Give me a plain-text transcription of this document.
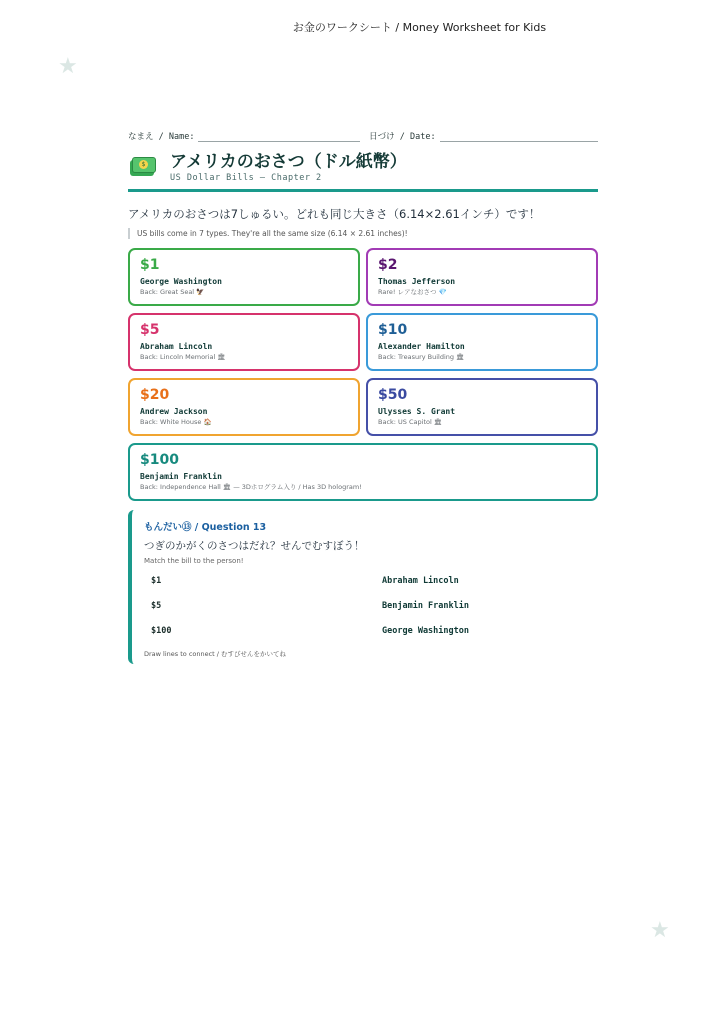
お金のワークシート / Money Worksheet for Kids
★
★
なまえ / Name:	日づけ / Date:
$ アメリカのおさつ（ドル紙幣）
US Dollar Bills — Chapter 2
アメリカのおさつは7しゅるい。どれも同じ大きさ（6.14×2.61インチ）です！
US bills come in 7 types. They're all the same size (6.14 × 2.61 inches)!
$1
George Washington
Back: Great Seal 🦅
$2
Thomas Jefferson
Rare! レアなおさつ 💎
$5
Abraham Lincoln
Back: Lincoln Memorial 🏛
$10
Alexander Hamilton
Back: Treasury Building 🏛
$20
Andrew Jackson
Back: White House 🏠
$50
Ulysses S. Grant
Back: US Capitol 🏛
$100
Benjamin Franklin
Back: Independence Hall 🏛 — 3Dホログラム入り / Has 3D hologram!
もんだい⑬ / Question 13
つぎのかがくのさつはだれ？せんでむすぼう！
Match the bill to the person!
$1
$5
$100
Abraham Lincoln
Benjamin Franklin
George Washington
Draw lines to connect / むすびせんをかいてね
